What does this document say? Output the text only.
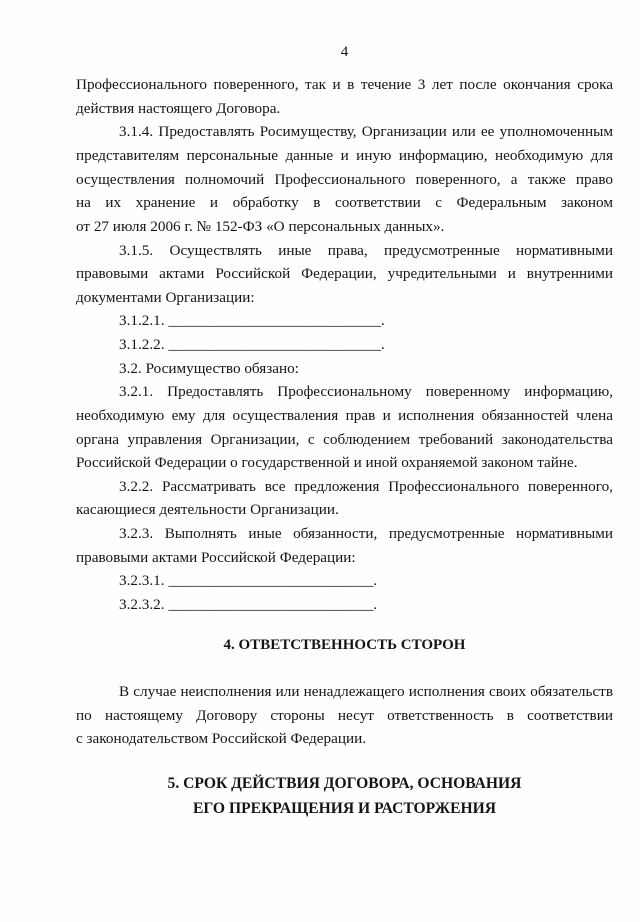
4
Профессионального поверенного, так и в течение 3 лет после окончания срока
действия настоящего Договора.
3.1.4. Предоставлять Росимуществу, Организации или ее уполномоченным
представителям персональные данные и иную информацию, необходимую для
осуществления полномочий Профессионального поверенного, а также право
на их хранение и обработку в соответствии с Федеральным законом
от 27 июля 2006 г. № 152-ФЗ «О персональных данных».
3.1.5. Осуществлять иные права, предусмотренные нормативными
правовыми актами Российской Федерации, учредительными и внутренними
документами Организации:
3.1.2.1. ____________________________.
3.1.2.2. ____________________________.
3.2. Росимущество обязано:
3.2.1. Предоставлять Профессиональному поверенному информацию,
необходимую ему для осуществаления прав и исполнения обязанностей члена
органа управления Организации, с соблюдением требований законодательства
Российской Федерации о государственной и иной охраняемой законом тайне.
3.2.2. Рассматривать все предложения Профессионального поверенного,
касающиеся деятельности Организации.
3.2.3. Выполнять иные обязанности, предусмотренные нормативными
правовыми актами Российской Федерации:
3.2.3.1. ___________________________.
3.2.3.2. ___________________________.
4. ОТВЕТСТВЕННОСТЬ СТОРОН
В случае неисполнения или ненадлежащего исполнения своих обязательств
по настоящему Договору стороны несут ответственность в соответствии
с законодательством Российской Федерации.
5. СРОК ДЕЙСТВИЯ ДОГОВОРА, ОСНОВАНИЯ
ЕГО ПРЕКРАЩЕНИЯ И РАСТОРЖЕНИЯ
